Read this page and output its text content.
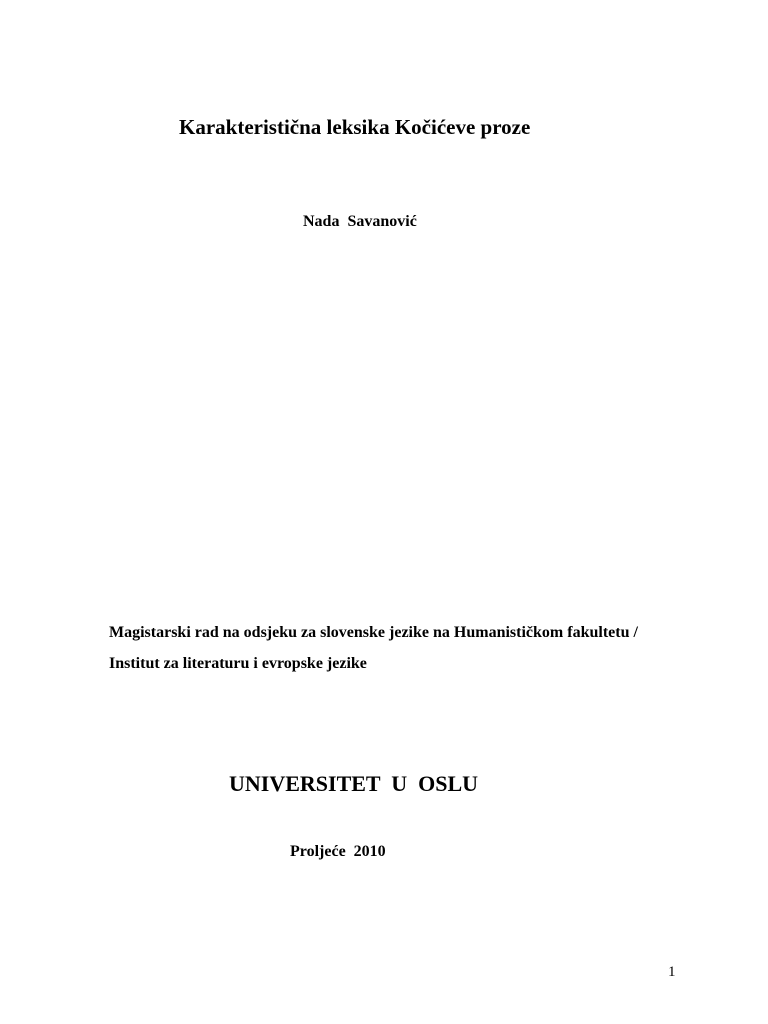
Karakteristična leksika Kočićeve proze
Nada  Savanović
Magistarski rad na odsjeku za slovenske jezike na Humanističkom fakultetu /
Institut za literaturu i evropske jezike
UNIVERSITET  U  OSLU
Proljeće  2010
1
